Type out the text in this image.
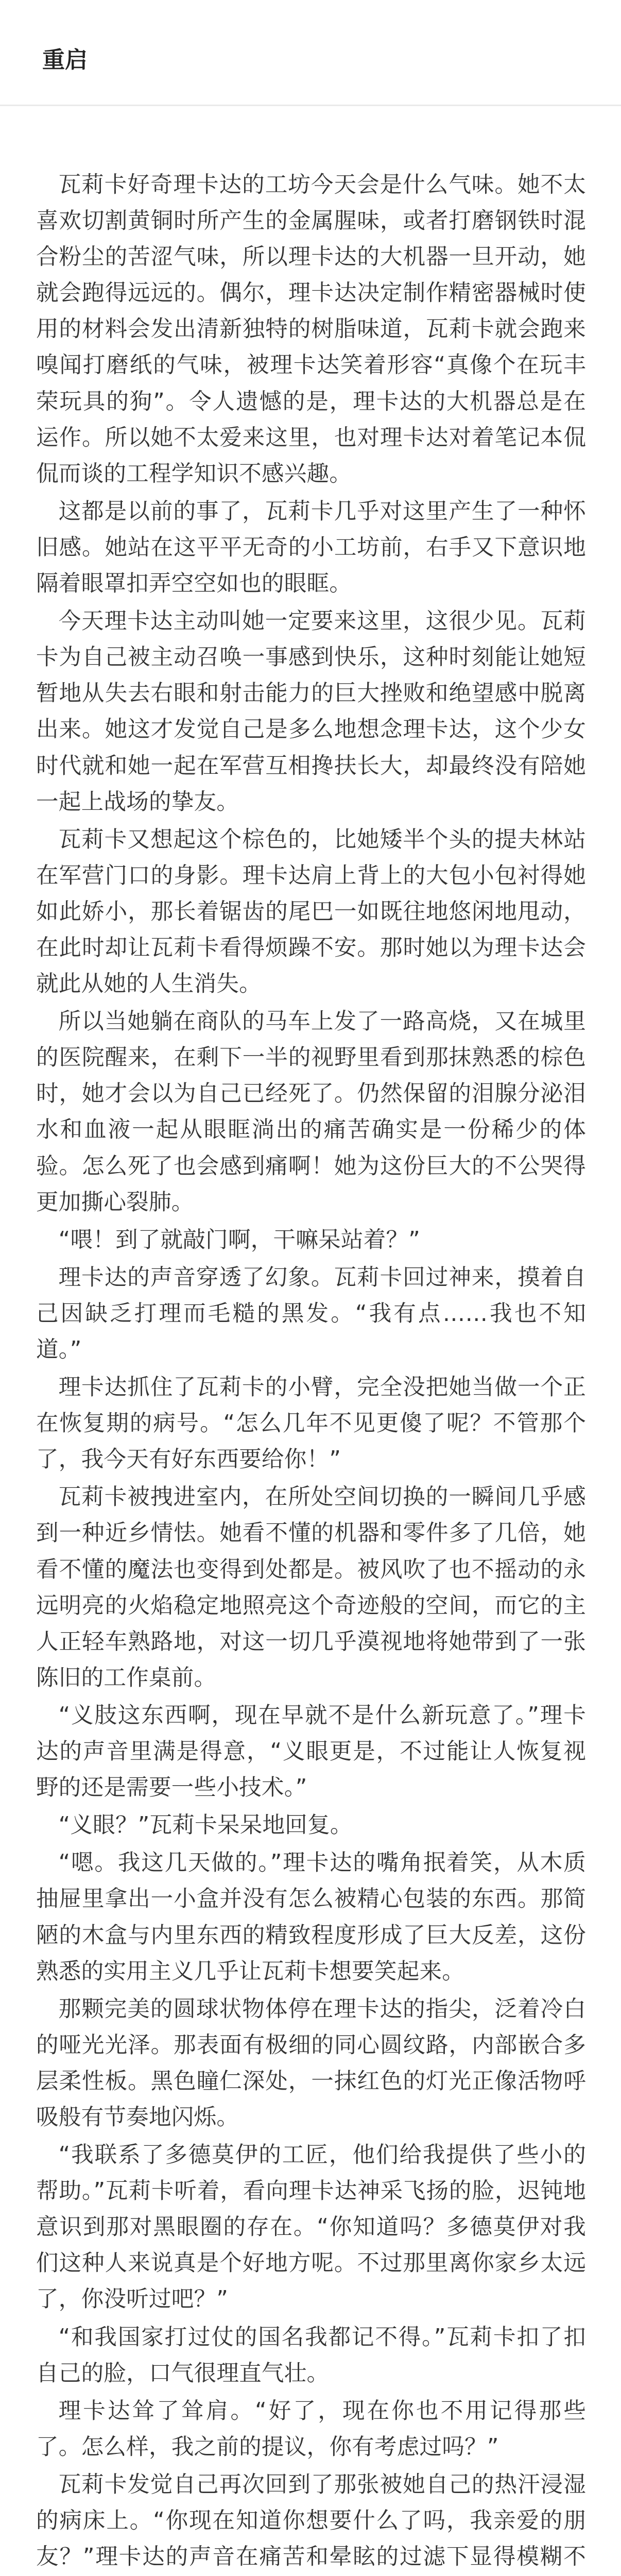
重启

瓦莉卡好奇理卡达的工坊今天会是什么气味。她不太喜欢切割黄铜时所产生的金属腥味，或者打磨钢铁时混合粉尘的苦涩气味，所以理卡达的大机器一旦开动，她就会跑得远远的。偶尔，理卡达决定制作精密器械时使用的材料会发出清新独特的树脂味道，瓦莉卡就会跑来嗅闻打磨纸的气味，被理卡达笑着形容“真像个在玩丰荣玩具的狗”。令人遗憾的是，理卡达的大机器总是在运作。所以她不太爱来这里，也对理卡达对着笔记本侃侃而谈的工程学知识不感兴趣。

这都是以前的事了，瓦莉卡几乎对这里产生了一种怀旧感。她站在这平平无奇的小工坊前，右手又下意识地隔着眼罩扣弄空空如也的眼眶。

今天理卡达主动叫她一定要来这里，这很少见。瓦莉卡为自己被主动召唤一事感到快乐，这种时刻能让她短暂地从失去右眼和射击能力的巨大挫败和绝望感中脱离出来。她这才发觉自己是多么地想念理卡达，这个少女时代就和她一起在军营互相搀扶长大，却最终没有陪她一起上战场的挚友。

瓦莉卡又想起这个棕色的，比她矮半个头的提夫林站在军营门口的身影。理卡达肩上背上的大包小包衬得她如此娇小，那长着锯齿的尾巴一如既往地悠闲地甩动，在此时却让瓦莉卡看得烦躁不安。那时她以为理卡达会就此从她的人生消失。

所以当她躺在商队的马车上发了一路高烧，又在城里的医院醒来，在剩下一半的视野里看到那抹熟悉的棕色时，她才会以为自己已经死了。仍然保留的泪腺分泌泪水和血液一起从眼眶淌出的痛苦确实是一份稀少的体验。怎么死了也会感到痛啊！她为这份巨大的不公哭得更加撕心裂肺。

“喂！到了就敲门啊，干嘛呆站着？”

理卡达的声音穿透了幻象。瓦莉卡回过神来，摸着自己因缺乏打理而毛糙的黑发。“我有点……我也不知道。”

理卡达抓住了瓦莉卡的小臂，完全没把她当做一个正在恢复期的病号。“怎么几年不见更傻了呢？不管那个了，我今天有好东西要给你！”

瓦莉卡被拽进室内，在所处空间切换的一瞬间几乎感到一种近乡情怯。她看不懂的机器和零件多了几倍，她看不懂的魔法也变得到处都是。被风吹了也不摇动的永远明亮的火焰稳定地照亮这个奇迹般的空间，而它的主人正轻车熟路地，对这一切几乎漠视地将她带到了一张陈旧的工作桌前。

“义肢这东西啊，现在早就不是什么新玩意了。”理卡达的声音里满是得意，“义眼更是，不过能让人恢复视野的还是需要一些小技术。”

“义眼？”瓦莉卡呆呆地回复。

“嗯。我这几天做的。”理卡达的嘴角抿着笑，从木质抽屉里拿出一小盒并没有怎么被精心包装的东西。那简陋的木盒与内里东西的精致程度形成了巨大反差，这份熟悉的实用主义几乎让瓦莉卡想要笑起来。

那颗完美的圆球状物体停在理卡达的指尖，泛着冷白的哑光光泽。那表面有极细的同心圆纹路，内部嵌合多层柔性板。黑色瞳仁深处，一抹红色的灯光正像活物呼吸般有节奏地闪烁。

“我联系了多德莫伊的工匠，他们给我提供了些小的帮助。”瓦莉卡听着，看向理卡达神采飞扬的脸，迟钝地意识到那对黑眼圈的存在。“你知道吗？多德莫伊对我们这种人来说真是个好地方呢。不过那里离你家乡太远了，你没听过吧？”

“和我国家打过仗的国名我都记不得。”瓦莉卡扣了扣自己的脸，口气很理直气壮。

理卡达耸了耸肩。“好了，现在你也不用记得那些了。怎么样，我之前的提议，你有考虑过吗？”

瓦莉卡发觉自己再次回到了那张被她自己的热汗浸湿的病床上。“你现在知道你想要什么了吗，我亲爱的朋友？”理卡达的声音在痛苦和晕眩的过滤下显得模糊不
